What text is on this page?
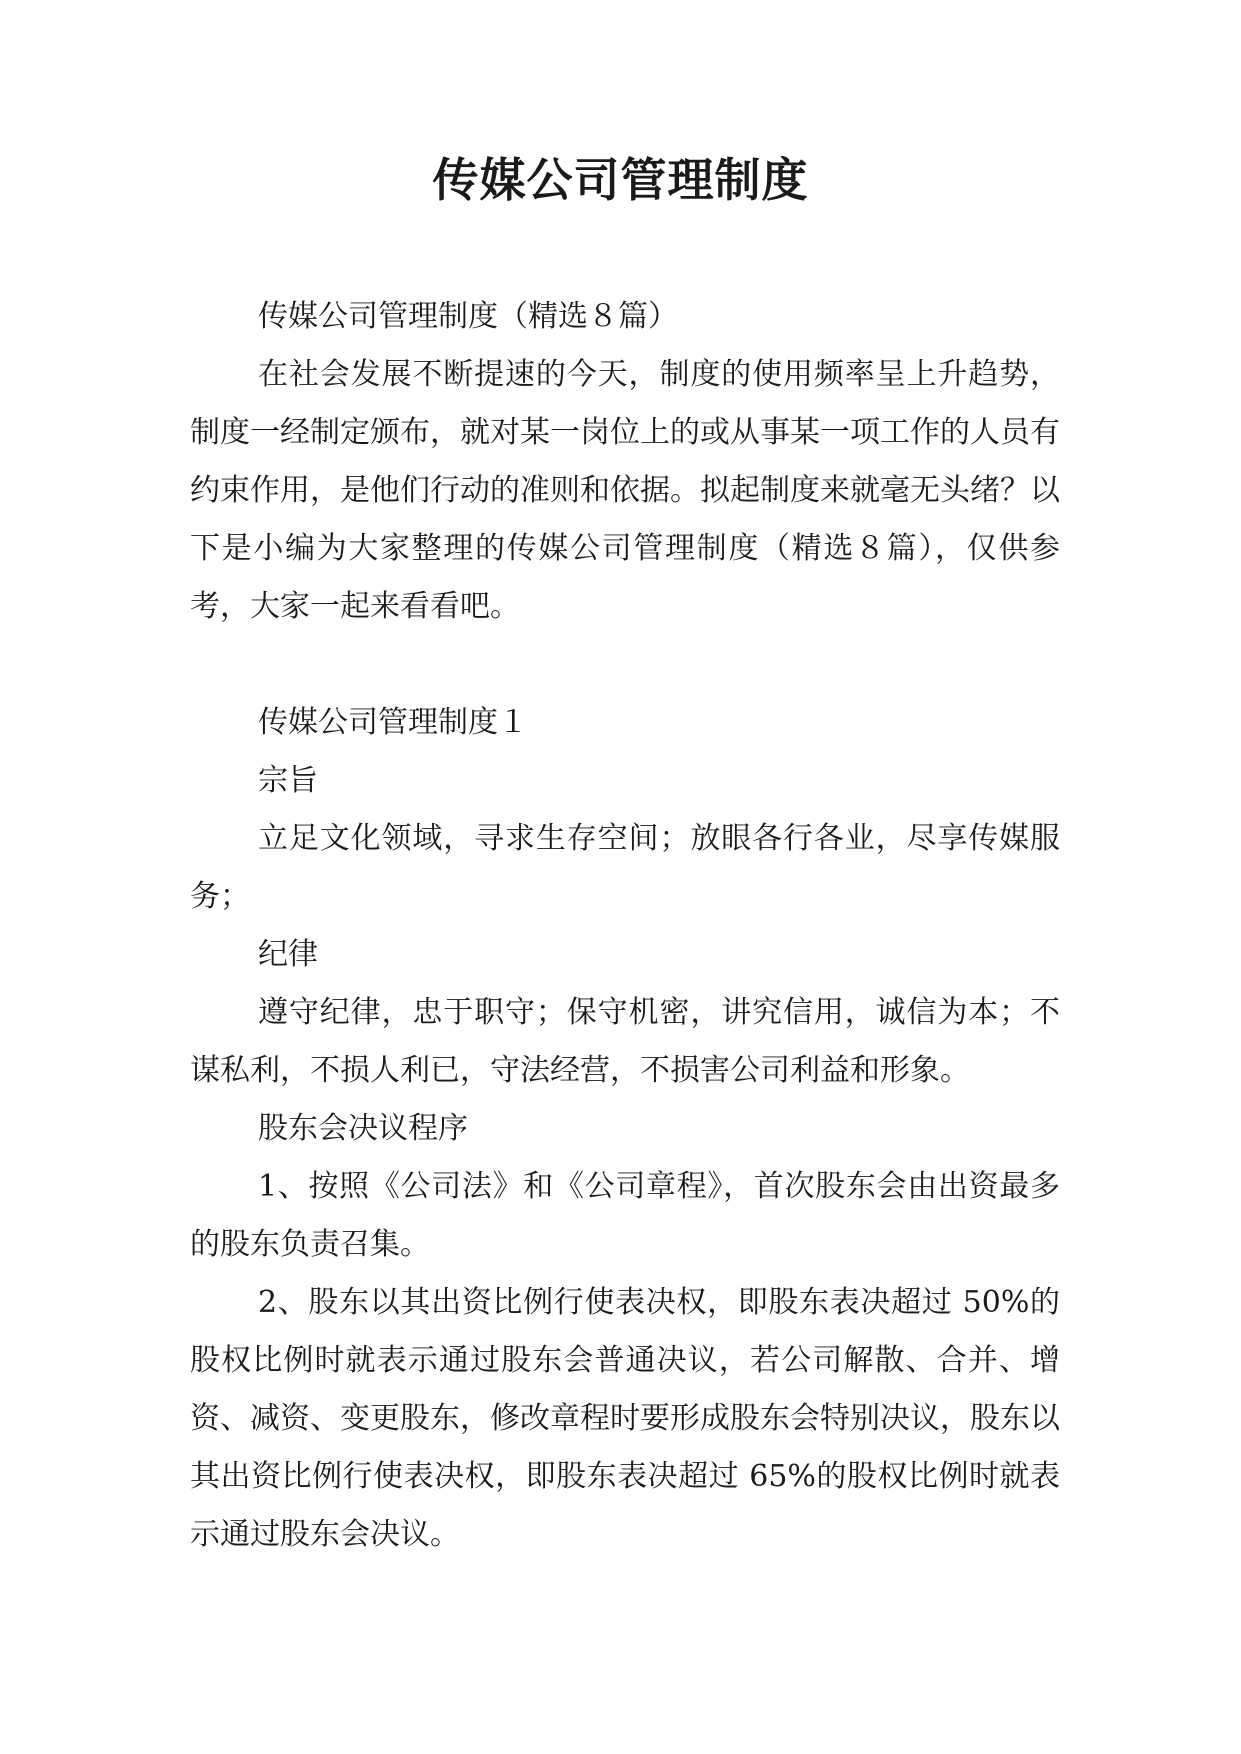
传媒公司管理制度

传媒公司管理制度（精选８篇）

在社会发展不断提速的今天，制度的使用频率呈上升趋势，制度一经制定颁布，就对某一岗位上的或从事某一项工作的人员有约束作用，是他们行动的准则和依据。拟起制度来就毫无头绪？以下是小编为大家整理的传媒公司管理制度（精选８篇），仅供参考，大家一起来看看吧。

传媒公司管理制度１

宗旨

立足文化领域，寻求生存空间；放眼各行各业，尽享传媒服务；

纪律

遵守纪律，忠于职守；保守机密，讲究信用，诚信为本；不谋私利，不损人利已，守法经营，不损害公司利益和形象。

股东会决议程序

1、按照《公司法》和《公司章程》，首次股东会由出资最多的股东负责召集。

2、股东以其出资比例行使表决权，即股东表决超过 50%的股权比例时就表示通过股东会普通决议，若公司解散、合并、增资、减资、变更股东，修改章程时要形成股东会特别决议，股东以其出资比例行使表决权，即股东表决超过 65%的股权比例时就表示通过股东会决议。
